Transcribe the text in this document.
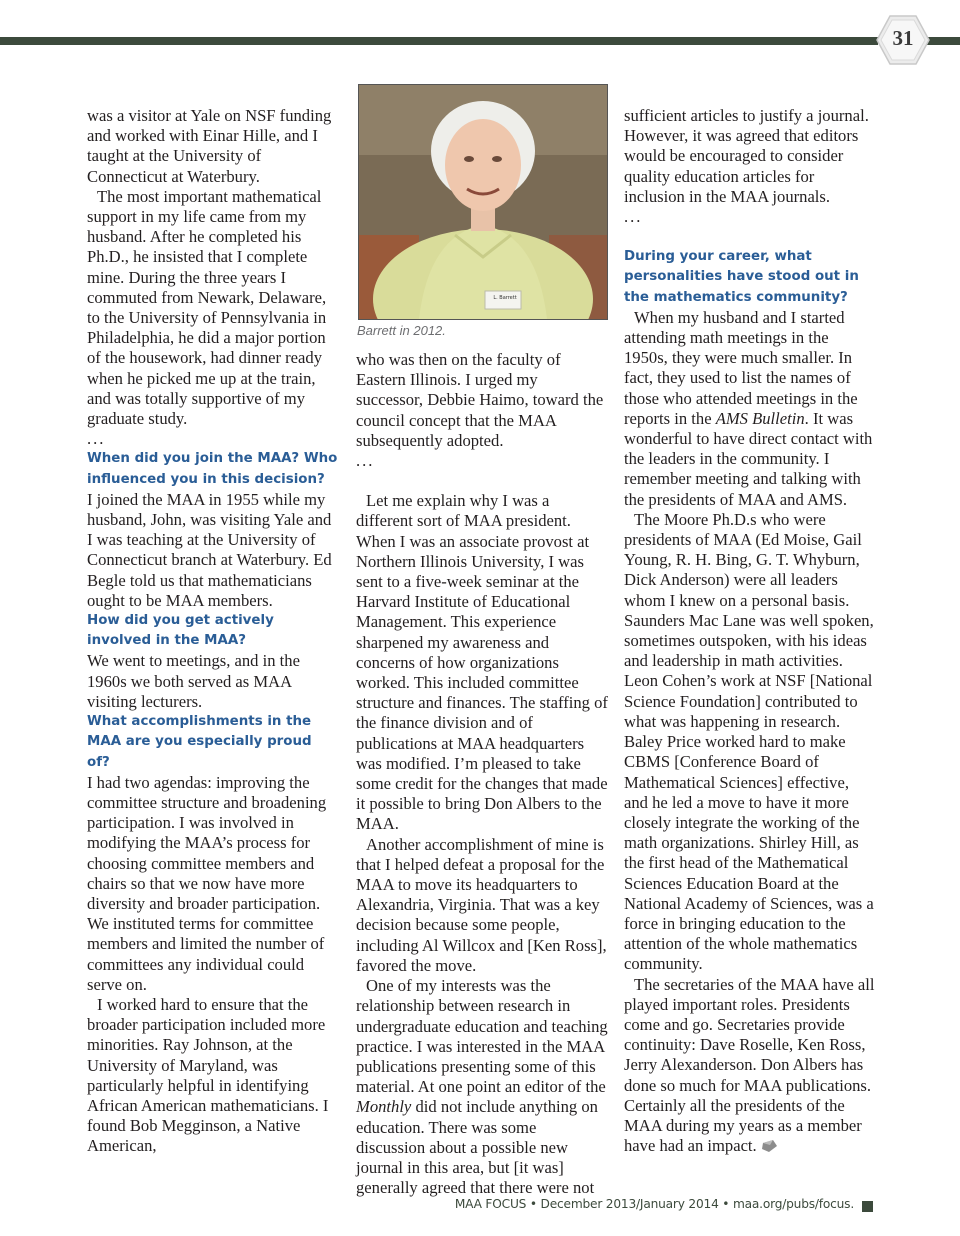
31

was a visitor at Yale on NSF funding and worked with Einar Hille, and I taught at the University of Connecticut at Waterbury.

The most important mathematical support in my life came from my husband. After he completed his Ph.D., he insisted that I complete mine. During the three years I commuted from Newark, Delaware, to the University of Pennsylvania in Philadelphia, he did a major portion of the housework, had dinner ready when he picked me up at the train, and was totally supportive of my graduate study.

...

When did you join the MAA? Who influenced you in this decision?

I joined the MAA in 1955 while my husband, John, was visiting Yale and I was teaching at the University of Connecticut branch at Waterbury. Ed Begle told us that mathematicians ought to be MAA members.

How did you get actively involved in the MAA?

We went to meetings, and in the 1960s we both served as MAA visiting lecturers.

What accomplishments in the MAA are you especially proud of?

I had two agendas: improving the committee structure and broadening participation. I was involved in modifying the MAA’s process for choosing committee members and chairs so that we now have more diversity and broader participation. We instituted terms for committee members and limited the number of committees any individual could serve on.

I worked hard to ensure that the broader participation included more minorities. Ray Johnson, at the University of Maryland, was particularly helpful in identifying African American mathematicians. I found Bob Megginson, a Native American,

L. Barrett
Barrett in 2012.

who was then on the faculty of Eastern Illinois. I urged my successor, Debbie Haimo, toward the council concept that the MAA subsequently adopted.

...

Let me explain why I was a different sort of MAA president. When I was an associate provost at Northern Illinois University, I was sent to a five-week seminar at the Harvard Institute of Educational Management. This experience sharpened my awareness and concerns of how organizations worked. This included committee structure and finances. The staffing of the finance division and of publications at MAA headquarters was modified. I’m pleased to take some credit for the changes that made it possible to bring Don Albers to the MAA.

Another accomplishment of mine is that I helped defeat a proposal for the MAA to move its headquarters to Alexandria, Virginia. That was a key decision because some people, including Al Willcox and [Ken Ross], favored the move.

One of my interests was the relationship between research in undergraduate education and teaching practice. I was interested in the MAA publications presenting some of this material. At one point an editor of the Monthly did not include anything on education. There was some discussion about a possible new journal in this area, but [it was] generally agreed that there were not

sufficient articles to justify a journal. However, it was agreed that editors would be encouraged to consider quality education articles for inclusion in the MAA journals.

...

During your career, what personalities have stood out in the mathematics community?

When my husband and I started attending math meetings in the 1950s, they were much smaller. In fact, they used to list the names of those who attended meetings in the reports in the AMS Bulletin. It was wonderful to have direct contact with the leaders in the community. I remember meeting and talking with the presidents of MAA and AMS.

The Moore Ph.D.s who were presidents of MAA (Ed Moise, Gail Young, R. H. Bing, G. T. Whyburn, Dick Anderson) were all leaders whom I knew on a personal basis. Saunders Mac Lane was well spoken, sometimes outspoken, with his ideas and leadership in math activities. Leon Cohen’s work at NSF [National Science Foundation] contributed to what was happening in research. Baley Price worked hard to make CBMS [Conference Board of Mathematical Sciences] effective, and he led a move to have it more closely integrate the working of the math organizations. Shirley Hill, as the first head of the Mathematical Sciences Education Board at the National Academy of Sciences, was a force in bringing education to the attention of the whole mathematics community.

The secretaries of the MAA have all played important roles. Presidents come and go. Secretaries provide continuity: Dave Roselle, Ken Ross, Jerry Alexanderson. Don Albers has done so much for MAA publications. Certainly all the presidents of the MAA during my years as a member have had an impact.

MAA FOCUS • December 2013/January 2014 • maa.org/pubs/focus.
